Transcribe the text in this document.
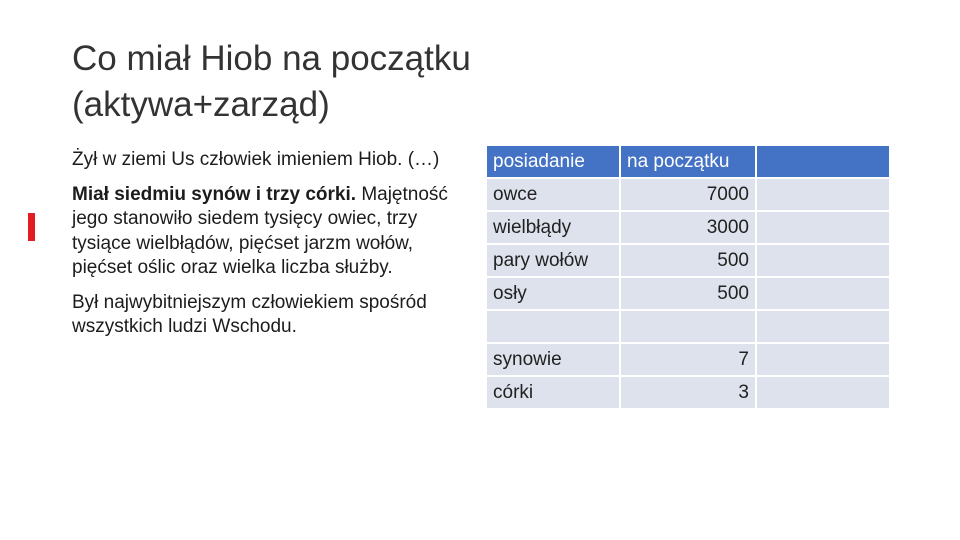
Co miał Hiob na początku
(aktywa+zarząd)

Żył w ziemi Us człowiek imieniem Hiob. (…)

Miał siedmiu synów i trzy córki. Majętność jego stanowiło siedem tysięcy owiec, trzy tysiące wielbłądów, pięćset jarzm wołów, pięćset oślic oraz wielka liczba służby.

Był najwybitniejszym człowiekiem spośród wszystkich ludzi Wschodu.

posiadanie	na początku	
owce	7000	
wielbłądy	3000	
pary wołów	500	
osły	500	

synowie	7	
córki	3	
